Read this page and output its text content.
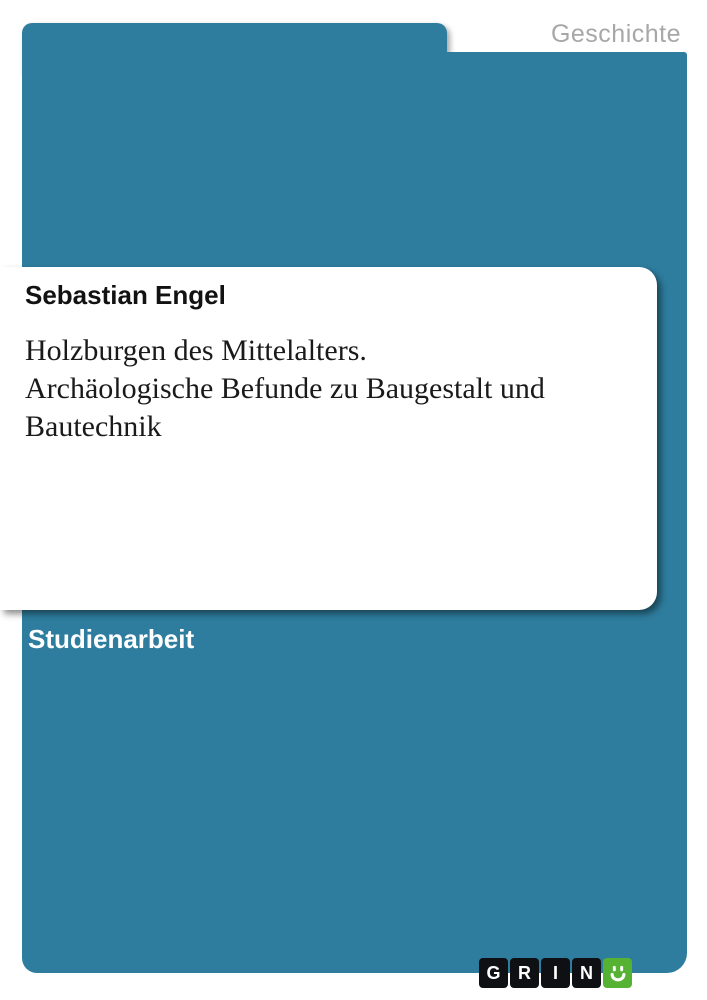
Geschichte
Sebastian Engel
Holzburgen des Mittelalters.
Archäologische Befunde zu Baugestalt und
Bautechnik
Studienarbeit
G R	I	N
